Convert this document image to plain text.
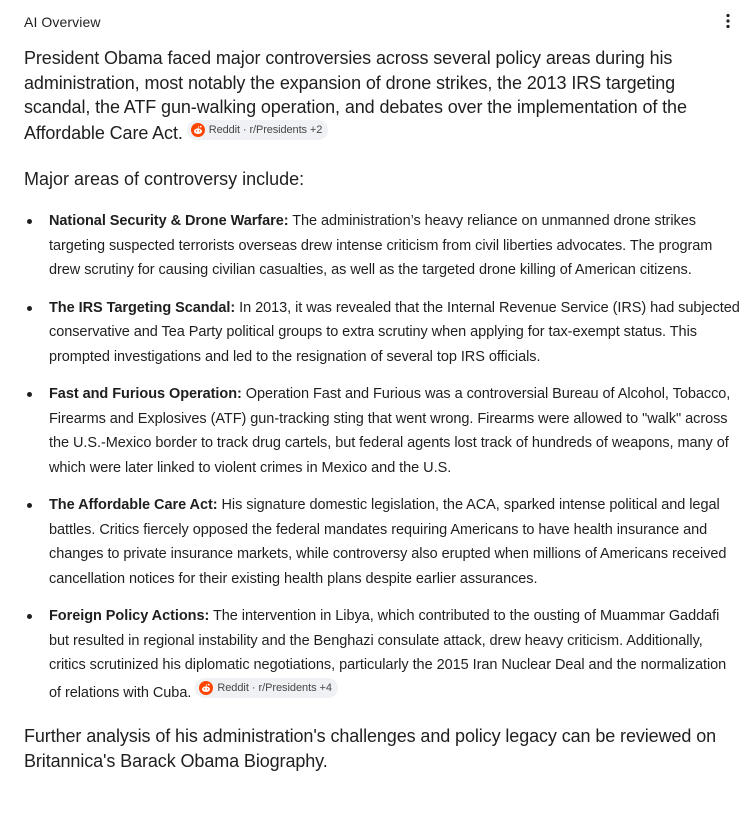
AI Overview

President Obama faced major controversies across several policy areas during his administration, most notably the expansion of drone strikes, the 2013 IRS targeting scandal, the ATF gun-walking operation, and debates over the implementation of the Affordable Care Act. Reddit · r/Presidents +2

Major areas of controversy include:

National Security & Drone Warfare: The administration’s heavy reliance on unmanned drone strikes targeting suspected terrorists overseas drew intense criticism from civil liberties advocates. The program drew scrutiny for causing civilian casualties, as well as the targeted drone killing of American citizens.
The IRS Targeting Scandal: In 2013, it was revealed that the Internal Revenue Service (IRS) had subjected conservative and Tea Party political groups to extra scrutiny when applying for tax-exempt status. This prompted investigations and led to the resignation of several top IRS officials.
Fast and Furious Operation: Operation Fast and Furious was a controversial Bureau of Alcohol, Tobacco, Firearms and Explosives (ATF) gun-tracking sting that went wrong. Firearms were allowed to "walk" across the U.S.-Mexico border to track drug cartels, but federal agents lost track of hundreds of weapons, many of which were later linked to violent crimes in Mexico and the U.S.
The Affordable Care Act: His signature domestic legislation, the ACA, sparked intense political and legal battles. Critics fiercely opposed the federal mandates requiring Americans to have health insurance and changes to private insurance markets, while controversy also erupted when millions of Americans received cancellation notices for their existing health plans despite earlier assurances.
Foreign Policy Actions: The intervention in Libya, which contributed to the ousting of Muammar Gaddafi but resulted in regional instability and the Benghazi consulate attack, drew heavy criticism. Additionally, critics scrutinized his diplomatic negotiations, particularly the 2015 Iran Nuclear Deal and the normalization of relations with Cuba. Reddit · r/Presidents +4

Further analysis of his administration's challenges and policy legacy can be reviewed on Britannica's Barack Obama Biography.
